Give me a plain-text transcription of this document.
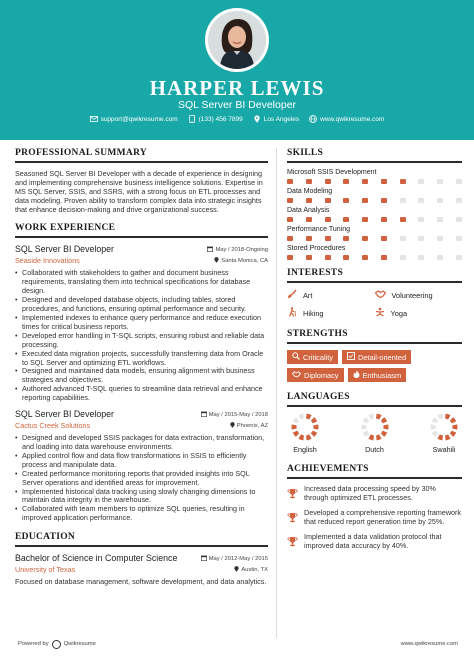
HARPER LEWIS
SQL Server BI Developer
support@qwikresume.com	(133) 456 7899	Los Angeles	www.qwikresume.com
PROFESSIONAL SUMMARY
Seasoned SQL Server BI Developer with a decade of experience in designing and implementing comprehensive business intelligence solutions. Expertise in MS SQL Server, SSIS, and SSRS, with a strong focus on ETL processes and data modeling. Proven ability to transform complex data into strategic insights that enhance decision-making and drive organizational success.
WORK EXPERIENCE
SQL Server BI Developer	May / 2018-Ongoing
Seaside Innovations	Santa Monica, CA
• Collaborated with stakeholders to gather and document business requirements, translating them into technical specifications for database design.
• Designed and developed database objects, including tables, stored procedures, and functions, ensuring optimal performance and security.
• Implemented indexes to enhance query performance and reduce execution times for critical business reports.
• Developed error handling in T-SQL scripts, ensuring robust and reliable data processing.
• Executed data migration projects, successfully transferring data from Oracle to SQL Server and optimizing ETL workflows.
• Designed and maintained data models, ensuring alignment with business strategies and objectives.
• Authored advanced T-SQL queries to streamline data retrieval and enhance reporting capabilities.
SQL Server BI Developer	May / 2015-May / 2018
Cactus Creek Solutions	Phoenix, AZ
• Designed and developed SSIS packages for data extraction, transformation, and loading into data warehouse environments.
• Applied control flow and data flow transformations in SSIS to efficiently process and manipulate data.
• Created performance monitoring reports that provided insights into SQL Server operations and identified areas for improvement.
• Implemented historical data tracking using slowly changing dimensions to maintain data integrity in the warehouse.
• Collaborated with team members to optimize SQL queries, resulting in improved application performance.
EDUCATION
Bachelor of Science in Computer Science	May / 2012-May / 2015
University of Texas	Austin, TX
Focused on database management, software development, and data analytics.
SKILLS
Microsoft SSIS Development
Data Modeling
Data Analysis
Performance Tuning
Stored Procedures
INTERESTS
Art	Volunteering
Hiking	Yoga
STRENGTHS
Criticality	Detail-oriented
Diplomacy	Enthusiasm
LANGUAGES
English	Dutch	Swahili
ACHIEVEMENTS
Increased data processing speed by 30% through optimized ETL processes.
Developed a comprehensive reporting framework that reduced report generation time by 25%.
Implemented a data validation protocol that improved data accuracy by 40%.
Powered by	Qwikresume	www.qwikresume.com
